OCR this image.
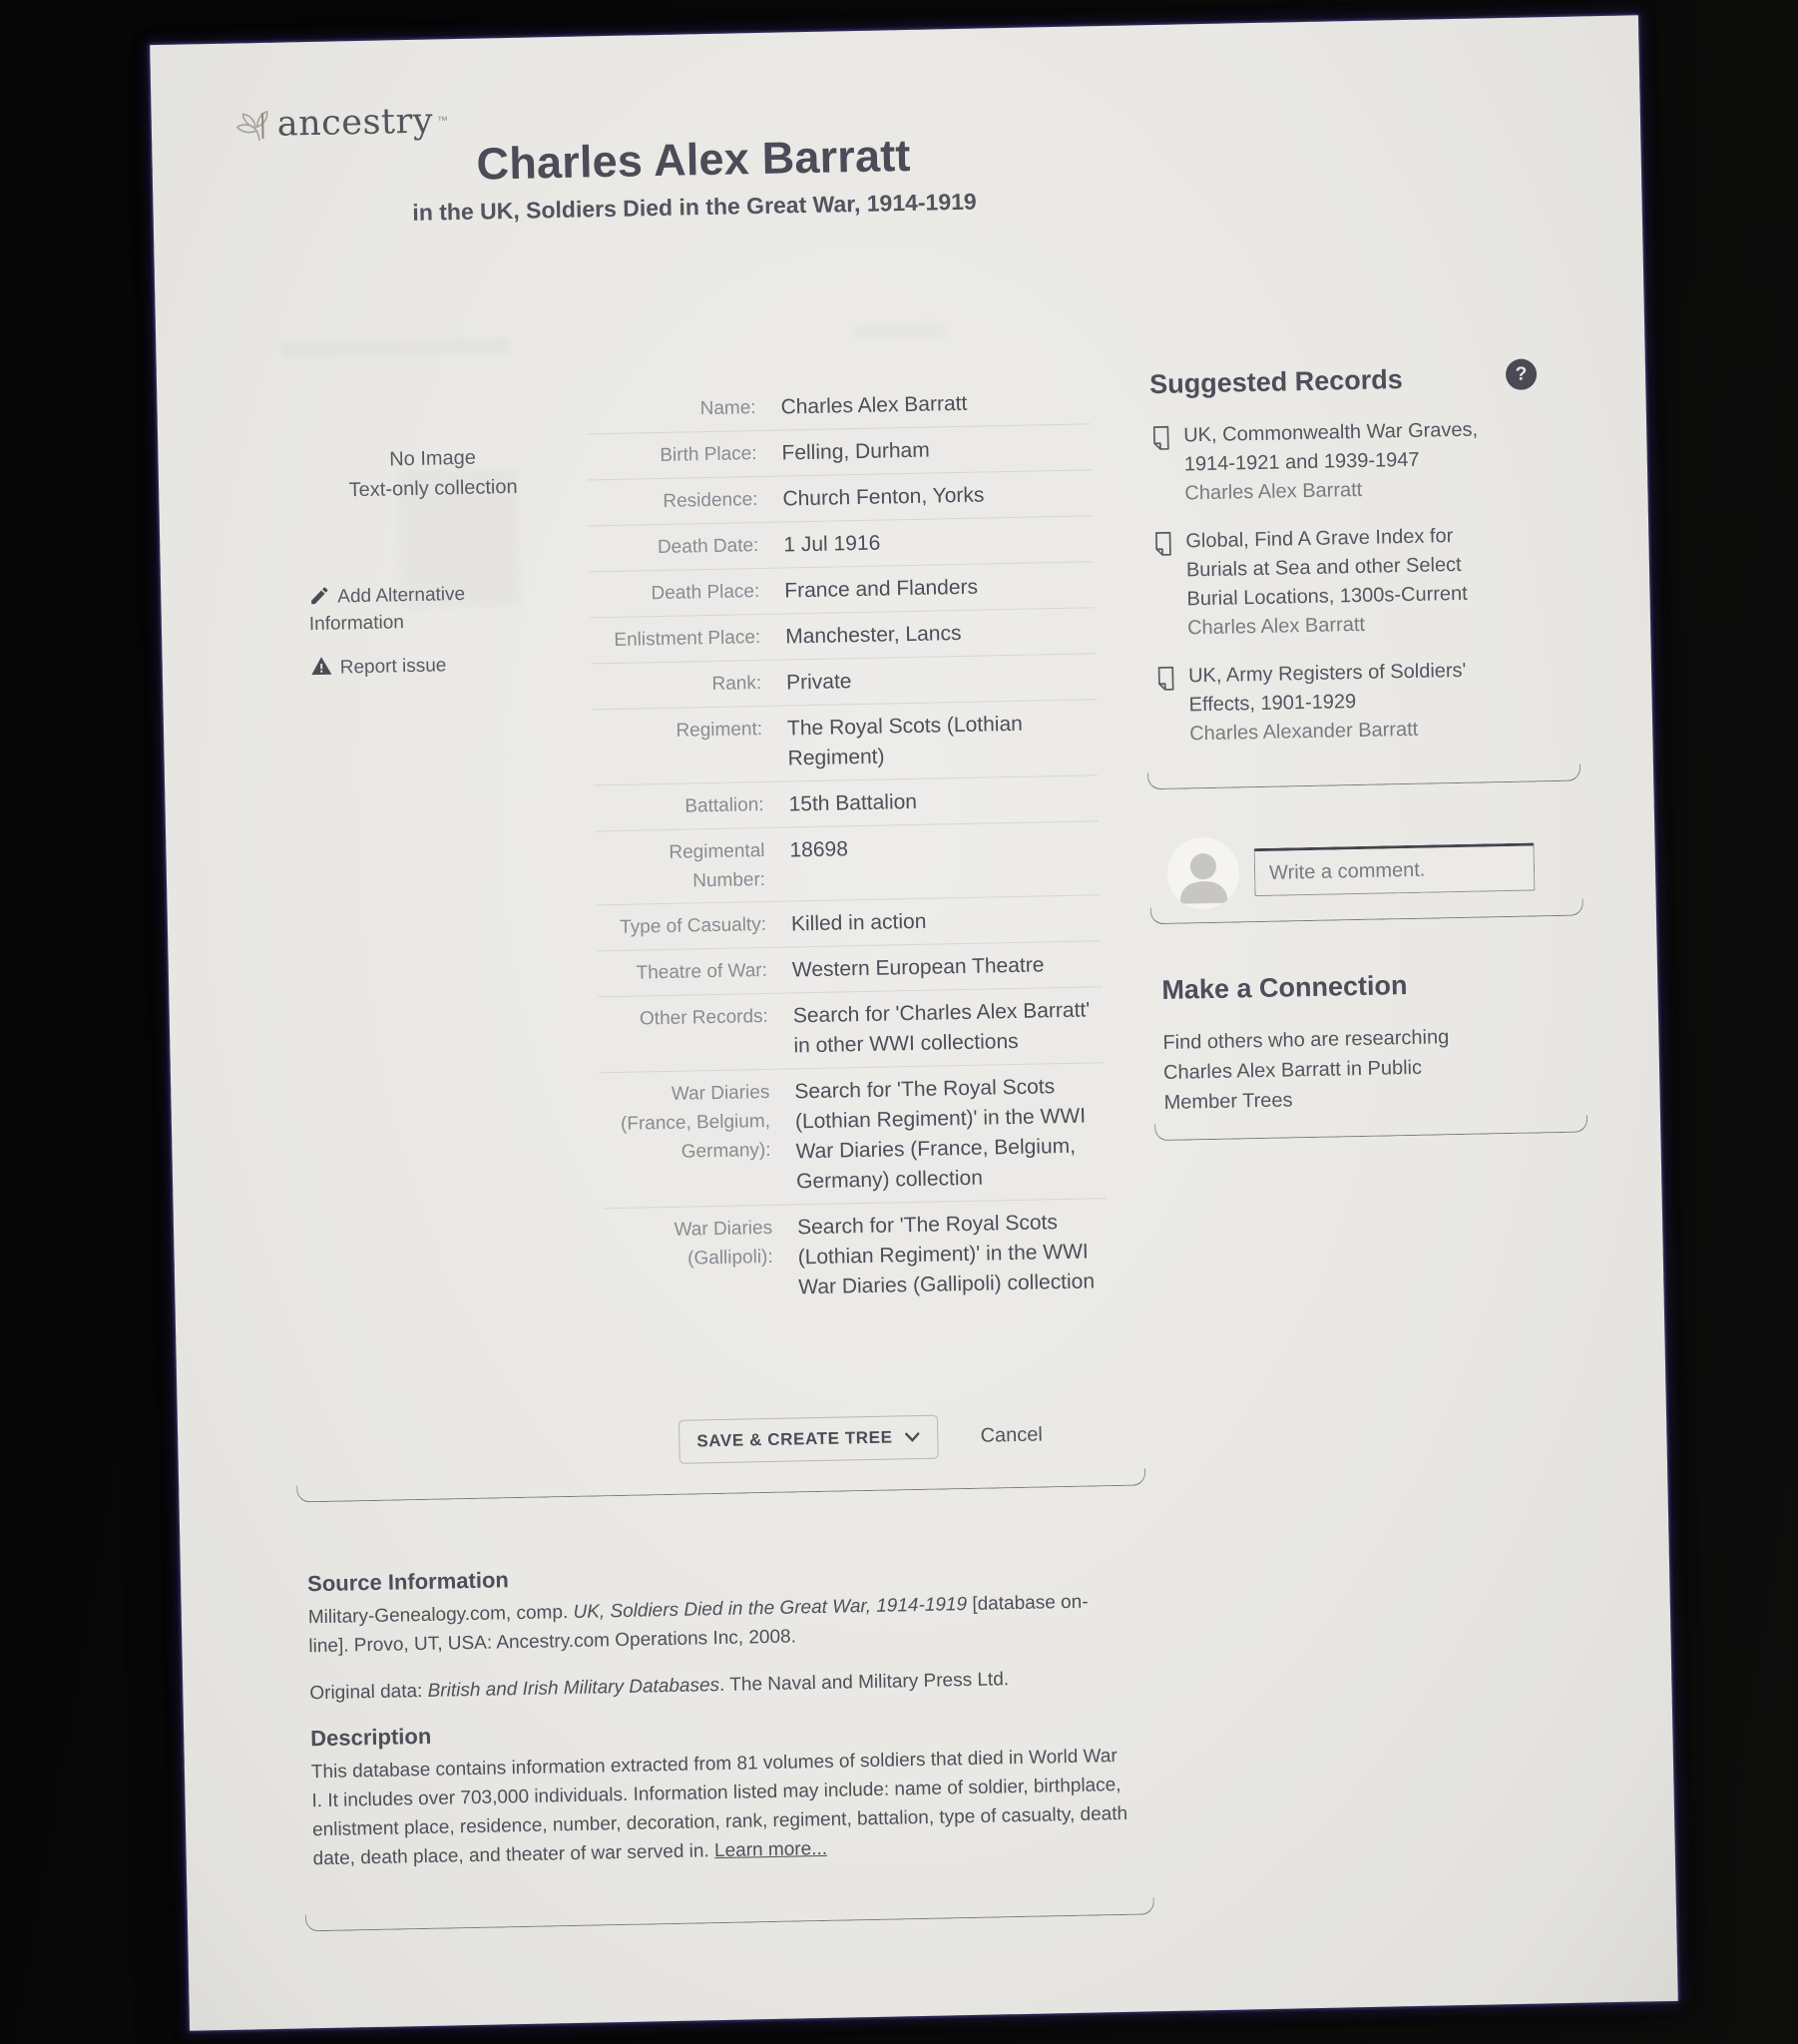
ancestry ™
Charles Alex Barratt
in the UK, Soldiers Died in the Great War, 1914-1919
No Image
Text-only collection
Add Alternative Information
Report issue
Name: Charles Alex Barratt
Birth Place: Felling, Durham
Residence: Church Fenton, Yorks
Death Date: 1 Jul 1916
Death Place: France and Flanders
Enlistment Place: Manchester, Lancs
Rank: Private
Regiment: The Royal Scots (Lothian Regiment)
Battalion: 15th Battalion
Regimental Number:
18698
Type of Casualty: Killed in action
Theatre of War: Western European Theatre
Other Records: Search for 'Charles Alex Barratt' in other WWI collections
War Diaries (France, Belgium, Germany):
Search for 'The Royal Scots (Lothian Regiment)' in the WWI War Diaries (France, Belgium, Germany) collection
War Diaries (Gallipoli):
Search for 'The Royal Scots (Lothian Regiment)' in the WWI War Diaries (Gallipoli) collection
SAVE & CREATE TREE	Cancel
Suggested Records	?
UK, Commonwealth War Graves, 1914-1921 and 1939-1947
Charles Alex Barratt
Global, Find A Grave Index for Burials at Sea and other Select Burial Locations, 1300s-Current
Charles Alex Barratt
UK, Army Registers of Soldiers' Effects, 1901-1929
Charles Alexander Barratt
Write a comment.
Make a Connection
Find others who are researching Charles Alex Barratt in Public Member Trees
Source Information

Military-Genealogy.com, comp. UK, Soldiers Died in the Great War, 1914-1919 [database on-line]. Provo, UT, USA: Ancestry.com Operations Inc, 2008.

Original data: British and Irish Military Databases. The Naval and Military Press Ltd.

Description

This database contains information extracted from 81 volumes of soldiers that died in World War I. It includes over 703,000 individuals. Information listed may include: name of soldier, birthplace, enlistment place, residence, number, decoration, rank, regiment, battalion, type of casualty, death date, death place, and theater of war served in. Learn more...
